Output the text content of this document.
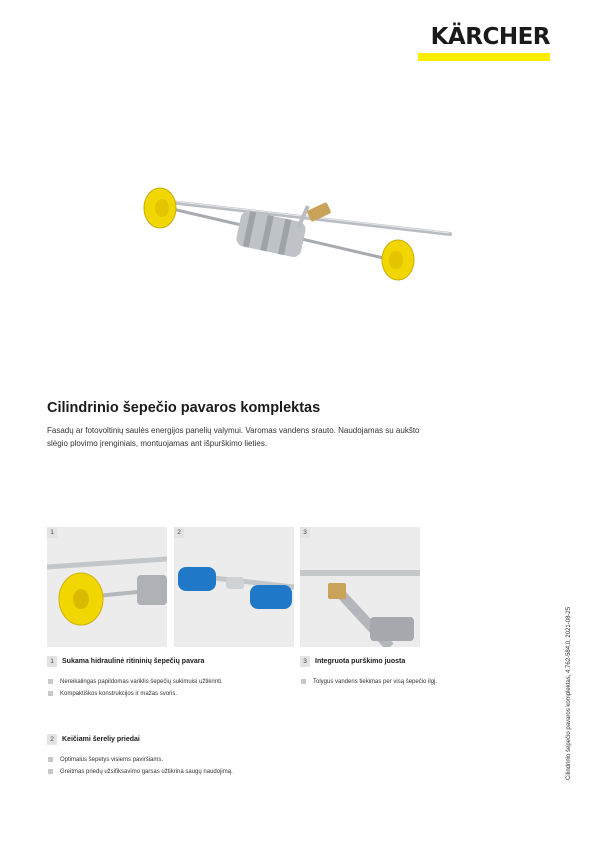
KÄRCHER
Cilindrinio šepečio pavaros komplektas

Fasadų ar fotovoltinių saulės energijos panelių valymui. Varomas vandens srauto. Naudojamas su aukšto slėgio plovimo įrenginiais, montuojamas ant išpurškimo lieties.

1	2	3
1 Sukama hidraulinė ritininių šepečių pavara
Nereikalingas papildomas variklis šepečių sukimuisi užtikrinti.
Kompaktiškos konstrukcijos ir mažas svoris.
3 Integruota purškimo juosta
Tolygus vandens tiekimas per visą šepečio ilgį.
2 Keičiami šereliy priedai
Optimalus šepetys visiems paviršiams.
Greitmas priedų užsifiksavimo garsas užtikrina saugų naudojimą.	Cilindrinio šepečio pavaros komplektas, 4.762-584.0, 2021-08-25
